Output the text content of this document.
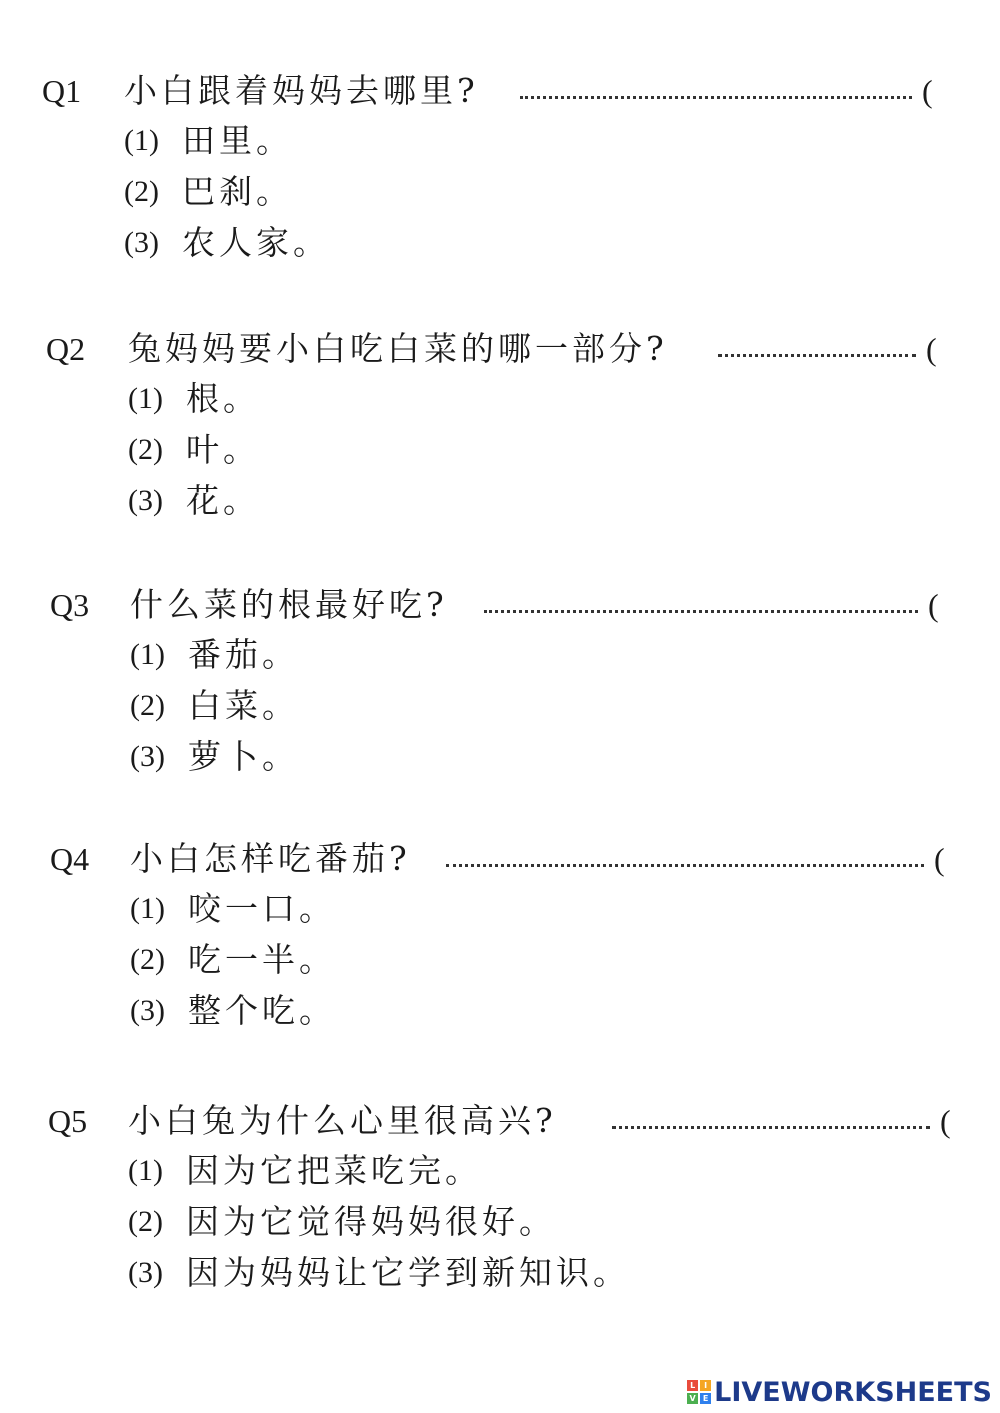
Q1 小白跟着妈妈去哪里?	(
(1) 田里。
(2) 巴刹。
(3) 农人家。
Q2 兔妈妈要小白吃白菜的哪一部分?	(
(1) 根。
(2) 叶。
(3) 花。
Q3 什么菜的根最好吃?	(
(1) 番茄。
(2) 白菜。
(3) 萝卜。
Q4 小白怎样吃番茄?	(
(1) 咬一口。
(2) 吃一半。
(3) 整个吃。
Q5 小白兔为什么心里很高兴?	(
(1) 因为它把菜吃完。
(2) 因为它觉得妈妈很好。
(3) 因为妈妈让它学到新知识。
L	I
V E LIVEWORKSHEETS
